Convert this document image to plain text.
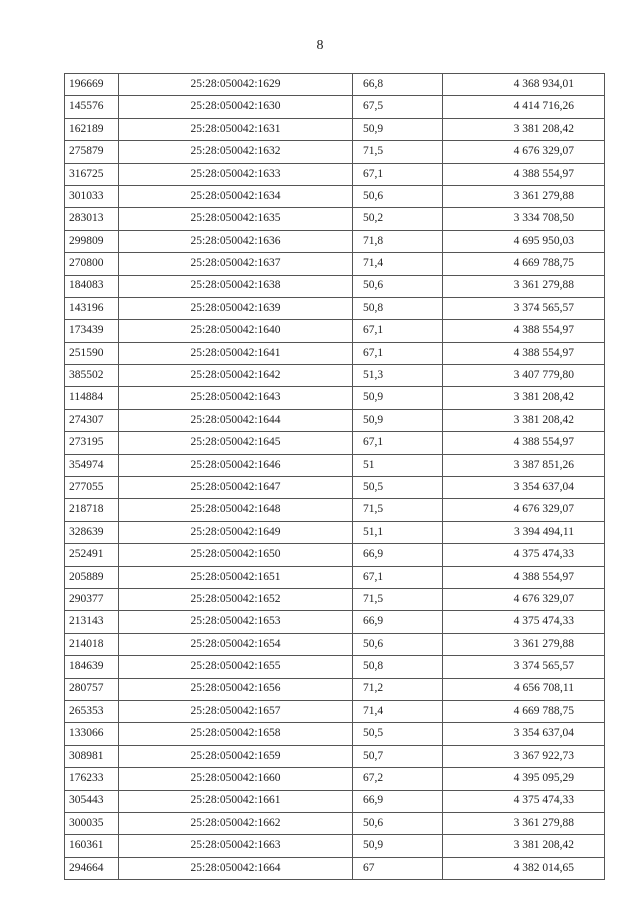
8
196669	25:28:050042:1629	66,8	4 368 934,01
145576	25:28:050042:1630	67,5	4 414 716,26
162189	25:28:050042:1631	50,9	3 381 208,42
275879	25:28:050042:1632	71,5	4 676 329,07
316725	25:28:050042:1633	67,1	4 388 554,97
301033	25:28:050042:1634	50,6	3 361 279,88
283013	25:28:050042:1635	50,2	3 334 708,50
299809	25:28:050042:1636	71,8	4 695 950,03
270800	25:28:050042:1637	71,4	4 669 788,75
184083	25:28:050042:1638	50,6	3 361 279,88
143196	25:28:050042:1639	50,8	3 374 565,57
173439	25:28:050042:1640	67,1	4 388 554,97
251590	25:28:050042:1641	67,1	4 388 554,97
385502	25:28:050042:1642	51,3	3 407 779,80
114884	25:28:050042:1643	50,9	3 381 208,42
274307	25:28:050042:1644	50,9	3 381 208,42
273195	25:28:050042:1645	67,1	4 388 554,97
354974	25:28:050042:1646	51	3 387 851,26
277055	25:28:050042:1647	50,5	3 354 637,04
218718	25:28:050042:1648	71,5	4 676 329,07
328639	25:28:050042:1649	51,1	3 394 494,11
252491	25:28:050042:1650	66,9	4 375 474,33
205889	25:28:050042:1651	67,1	4 388 554,97
290377	25:28:050042:1652	71,5	4 676 329,07
213143	25:28:050042:1653	66,9	4 375 474,33
214018	25:28:050042:1654	50,6	3 361 279,88
184639	25:28:050042:1655	50,8	3 374 565,57
280757	25:28:050042:1656	71,2	4 656 708,11
265353	25:28:050042:1657	71,4	4 669 788,75
133066	25:28:050042:1658	50,5	3 354 637,04
308981	25:28:050042:1659	50,7	3 367 922,73
176233	25:28:050042:1660	67,2	4 395 095,29
305443	25:28:050042:1661	66,9	4 375 474,33
300035	25:28:050042:1662	50,6	3 361 279,88
160361	25:28:050042:1663	50,9	3 381 208,42
294664	25:28:050042:1664	67	4 382 014,65
